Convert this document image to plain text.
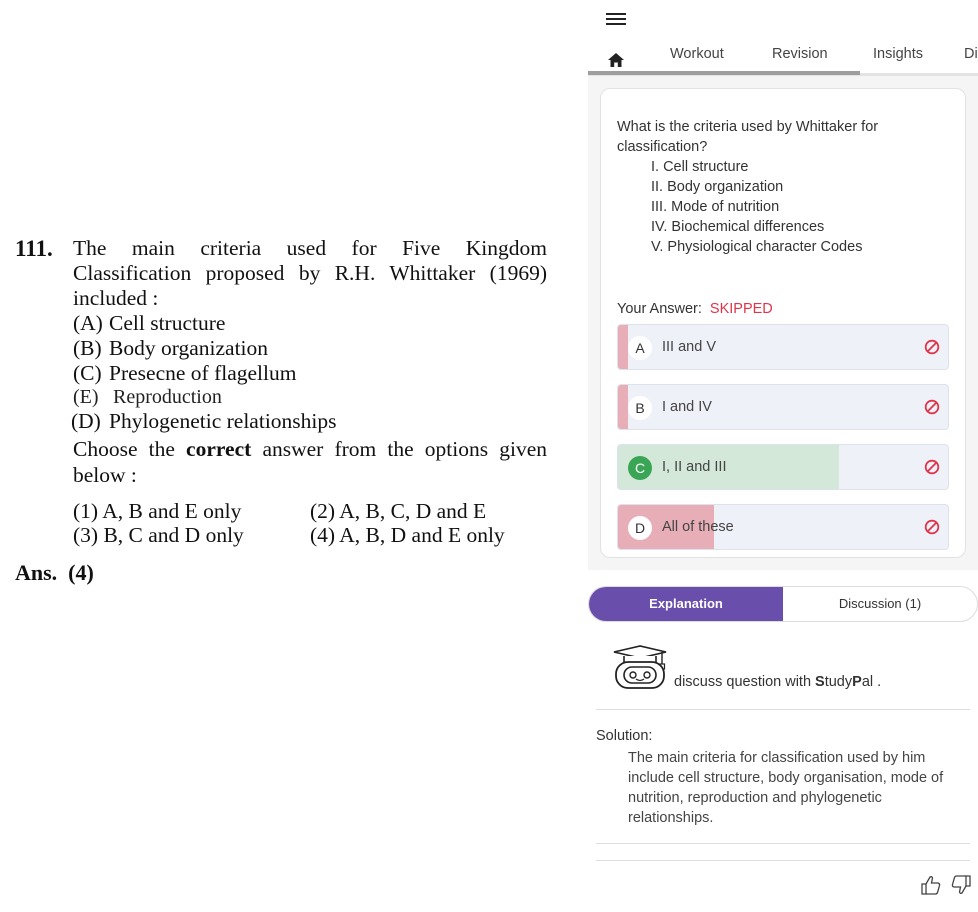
111. The main criteria used for Five Kingdom Classification proposed by R.H. Whittaker (1969) included :
(A) Cell structure
(B) Body organization
(C) Presecne of flagellum
(E) Reproduction
(D) Phylogenetic relationships
Choose the correct answer from the options given below :
(1) A, B and E only	(2) A, B, C, D and E
(3) B, C and D only	(4) A, B, D and E only
Ans.  (4)
Workout	Revision	Insights	Di
What is the criteria used by Whittaker for classification?
I. Cell structure
II. Body organization
III. Mode of nutrition
IV. Biochemical differences
V. Physiological character Codes
Your Answer: SKIPPED
A	III and V
B	I and IV
C	I, II and III
D	All of these
Explanation	Discussion (1)
discuss question with StudyPal .
Solution:
The main criteria for classification used by him include cell structure, body organisation, mode of nutrition, reproduction and phylogenetic relationships.
